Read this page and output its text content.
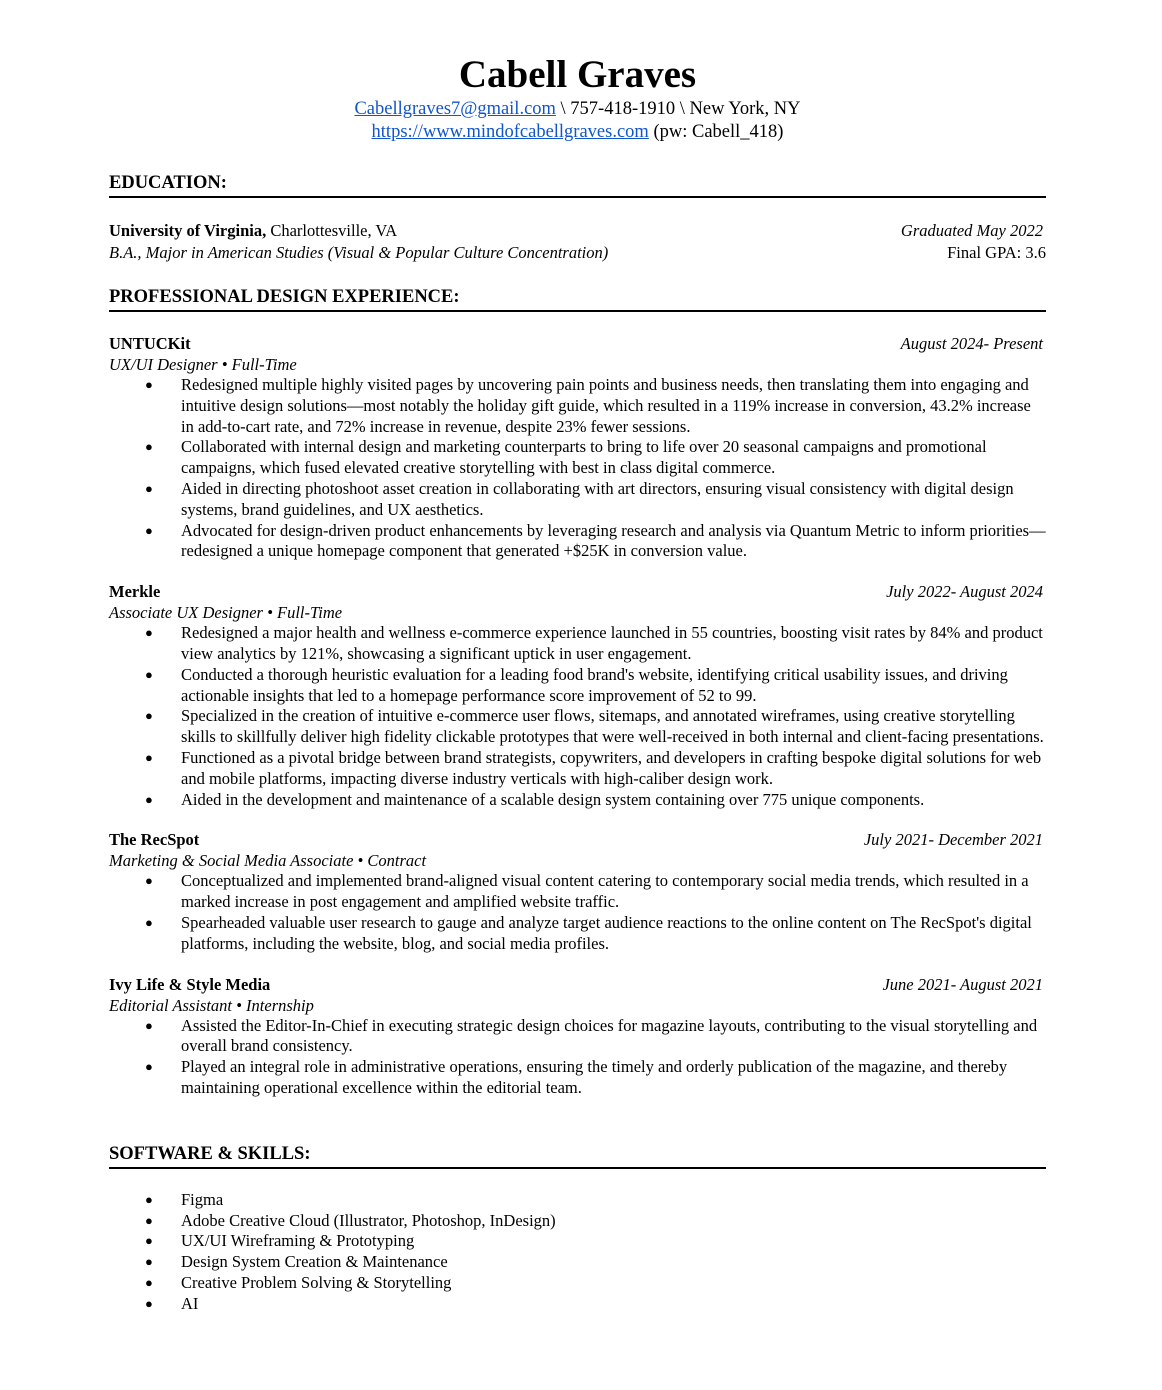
Cabell Graves
Cabellgraves7@gmail.com \ 757-418-1910 \ New York, NY
https://www.mindofcabellgraves.com (pw: Cabell_418)
EDUCATION:
University of Virginia, Charlottesville, VA	Graduated May 2022
B.A., Major in American Studies (Visual & Popular Culture Concentration)	Final GPA: 3.6
PROFESSIONAL DESIGN EXPERIENCE:
UNTUCKit	August 2024- Present
UX/UI Designer • Full-Time
● Redesigned multiple highly visited pages by uncovering pain points and business needs, then translating them into engaging and intuitive design solutions—most notably the holiday gift guide, which resulted in a 119% increase in conversion, 43.2% increase in add-to-cart rate, and 72% increase in revenue, despite 23% fewer sessions.
● Collaborated with internal design and marketing counterparts to bring to life over 20 seasonal campaigns and promotional campaigns, which fused elevated creative storytelling with best in class digital commerce.
● Aided in directing photoshoot asset creation in collaborating with art directors, ensuring visual consistency with digital design systems, brand guidelines, and UX aesthetics.
● Advocated for design-driven product enhancements by leveraging research and analysis via Quantum Metric to inform priorities—redesigned a unique homepage component that generated +$25K in conversion value.
Merkle	July 2022- August 2024
Associate UX Designer • Full-Time
● Redesigned a major health and wellness e-commerce experience launched in 55 countries, boosting visit rates by 84% and product view analytics by 121%, showcasing a significant uptick in user engagement.
● Conducted a thorough heuristic evaluation for a leading food brand's website, identifying critical usability issues, and driving actionable insights that led to a homepage performance score improvement of 52 to 99.
● Specialized in the creation of intuitive e-commerce user flows, sitemaps, and annotated wireframes, using creative storytelling skills to skillfully deliver high fidelity clickable prototypes that were well-received in both internal and client-facing presentations.
● Functioned as a pivotal bridge between brand strategists, copywriters, and developers in crafting bespoke digital solutions for web and mobile platforms, impacting diverse industry verticals with high-caliber design work.
● Aided in the development and maintenance of a scalable design system containing over 775 unique components.
The RecSpot	July 2021- December 2021
Marketing & Social Media Associate • Contract
● Conceptualized and implemented brand-aligned visual content catering to contemporary social media trends, which resulted in a marked increase in post engagement and amplified website traffic.
● Spearheaded valuable user research to gauge and analyze target audience reactions to the online content on The RecSpot's digital platforms, including the website, blog, and social media profiles.
Ivy Life & Style Media	June 2021- August 2021
Editorial Assistant • Internship
● Assisted the Editor-In-Chief in executing strategic design choices for magazine layouts, contributing to the visual storytelling and overall brand consistency.
● Played an integral role in administrative operations, ensuring the timely and orderly publication of the magazine, and thereby maintaining operational excellence within the editorial team.
SOFTWARE & SKILLS:
● Figma
● Adobe Creative Cloud (Illustrator, Photoshop, InDesign)
● UX/UI Wireframing & Prototyping
● Design System Creation & Maintenance
● Creative Problem Solving & Storytelling
● AI
